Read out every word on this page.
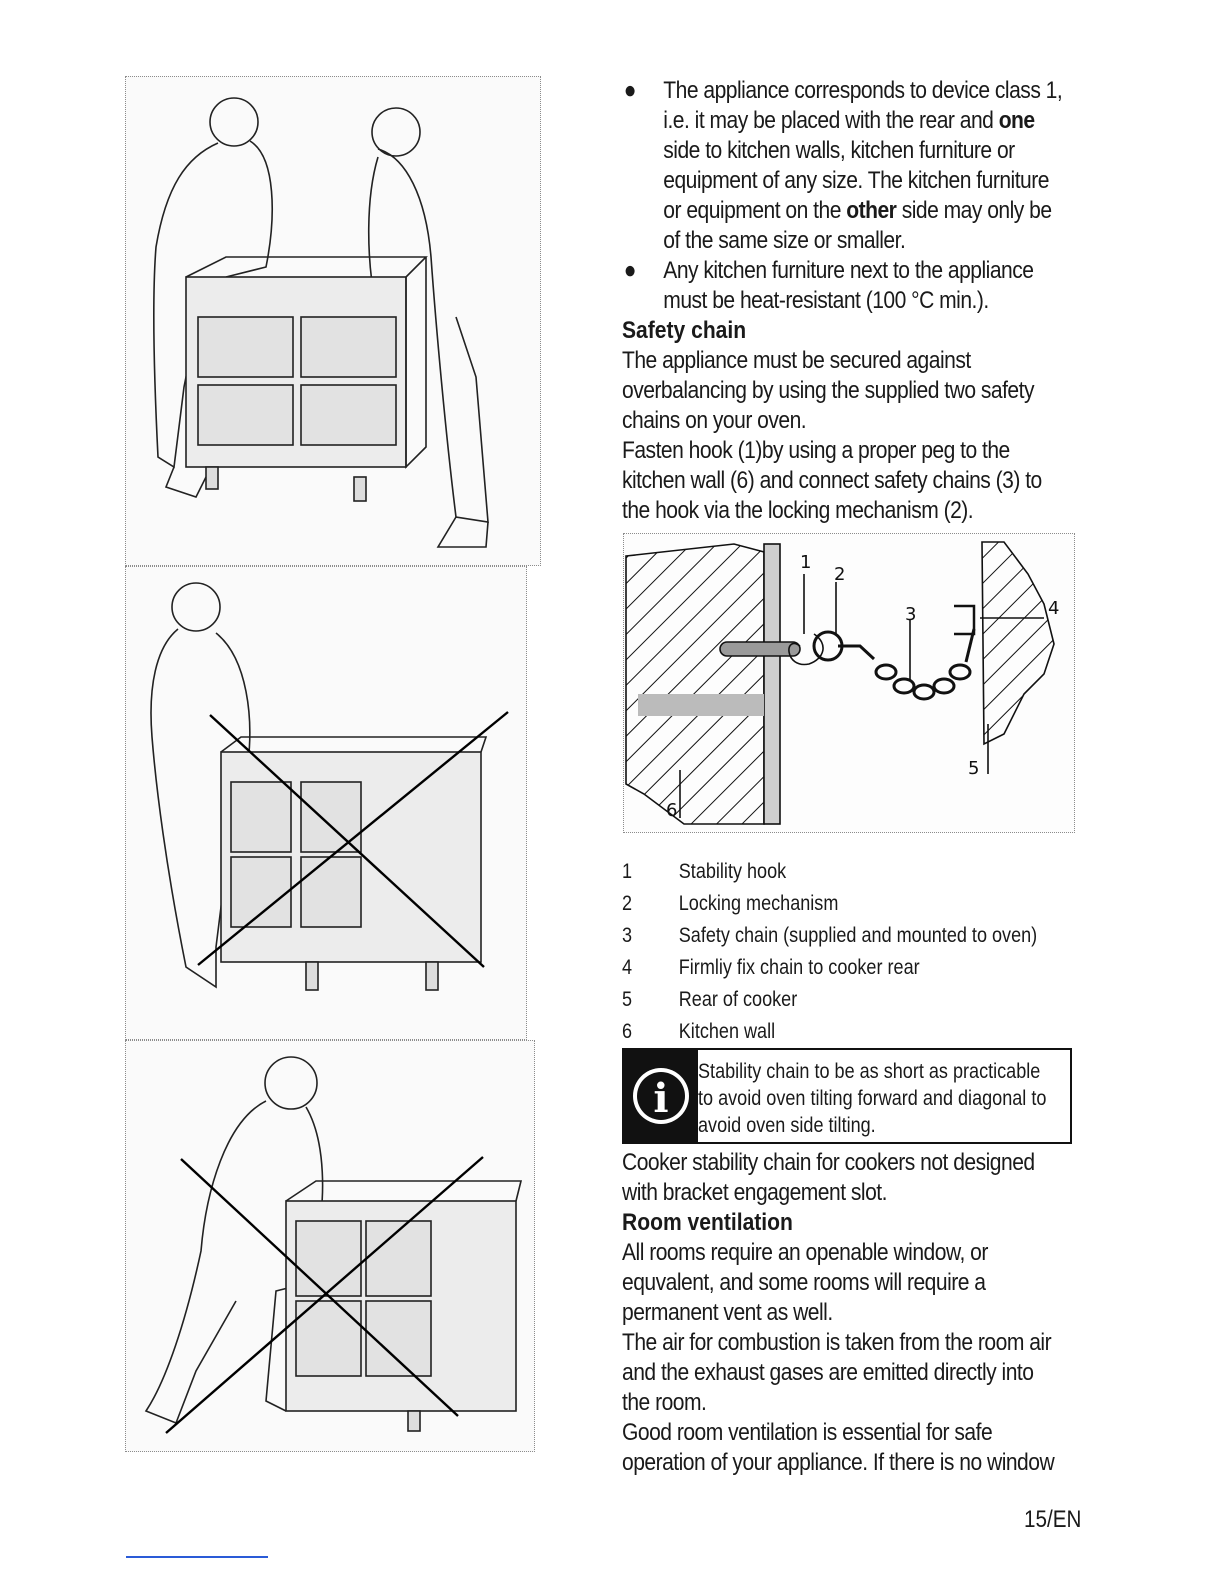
● The appliance corresponds to device class 1,
i.e. it may be placed with the rear and one
side to kitchen walls, kitchen furniture or
equipment of any size. The kitchen furniture
or equipment on the other side may only be
of the same size or smaller.
● Any kitchen furniture next to the appliance
must be heat-resistant (100 °C min.).
Safety chain
The appliance must be secured against
overbalancing by using the supplied two safety
chains on your oven.
Fasten hook (1)by using a proper peg to the
kitchen wall (6) and connect safety chains (3) to
the hook via the locking mechanism (2).
1
2
3	4
5
6
1 Stability hook
2 Locking mechanism
3 Safety chain (supplied and mounted to oven)
4 Firmliy fix chain to cooker rear
5 Rear of cooker
6 Kitchen wall
i
Stability chain to be as short as practicable
to avoid oven tilting forward and diagonal to
avoid oven side tilting.
Cooker stability chain for cookers not designed
with bracket engagement slot.
Room ventilation
All rooms require an openable window, or
equvalent, and some rooms will require a
permanent vent as well.
The air for combustion is taken from the room air
and the exhaust gases are emitted directly into
the room.
Good room ventilation is essential for safe
operation of your appliance. If there is no window
15/EN
